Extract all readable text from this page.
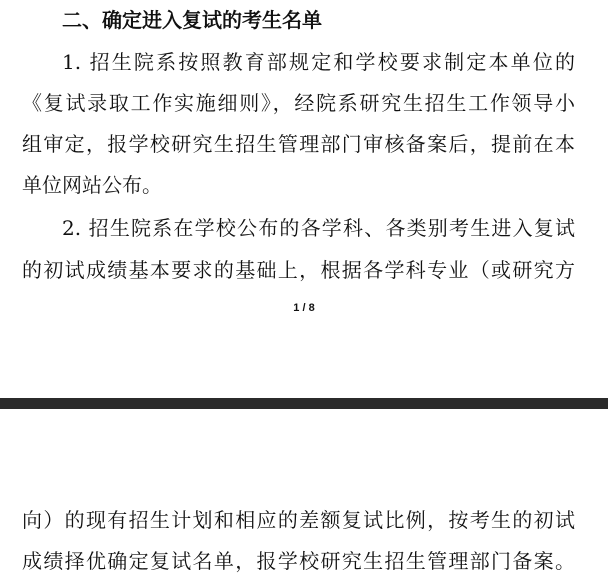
二、确定进入复试的考生名单
1. 招生院系按照教育部规定和学校要求制定本单位的
《复试录取工作实施细则》，经院系研究生招生工作领导小
组审定，报学校研究生招生管理部门审核备案后，提前在本
单位网站公布。
2. 招生院系在学校公布的各学科、各类别考生进入复试
的初试成绩基本要求的基础上，根据各学科专业（或研究方
1 / 8
向）的现有招生计划和相应的差额复试比例，按考生的初试
成绩择优确定复试名单，报学校研究生招生管理部门备案。
